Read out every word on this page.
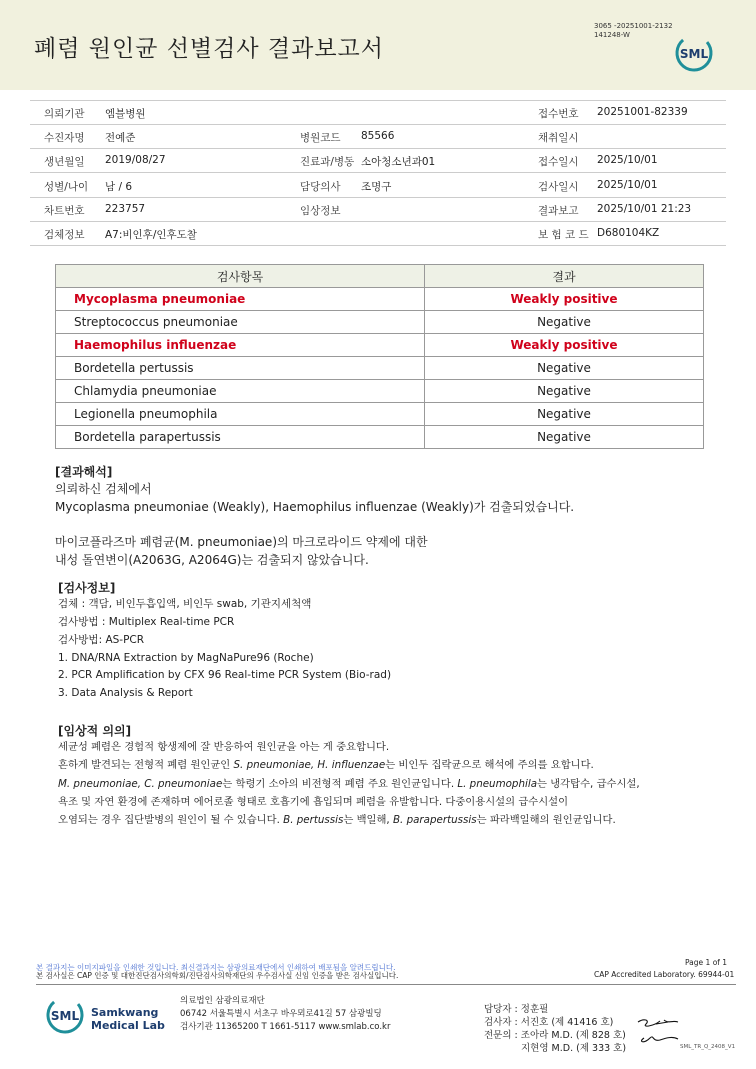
폐렴 원인균 선별검사 결과보고서
3065 -20251001-2132
141248-W
SML
의뢰기관 엠블병원	접수번호 20251001-82339
수진자명 전예준	병원코드 85566	채취일시
생년월일 2019/08/27	진료과/병동 소아청소년과01	접수일시 2025/10/01
성별/나이 남 / 6	담당의사 조명구	검사일시 2025/10/01
차트번호 223757	임상정보	결과보고 2025/10/01 21:23
검체정보 A7:비인후/인후도찰	보 험 코 드 D680104KZ
검사항목	결과
Mycoplasma pneumoniae	Weakly positive
Streptococcus pneumoniae	Negative
Haemophilus influenzae	Weakly positive
Bordetella pertussis	Negative
Chlamydia pneumoniae	Negative
Legionella pneumophila	Negative
Bordetella parapertussis	Negative
[결과해석]
의뢰하신 검체에서
Mycoplasma pneumoniae (Weakly), Haemophilus influenzae (Weakly)가 검출되었습니다.
마이코플라즈마 폐렴균(M. pneumoniae)의 마크로라이드 약제에 대한
내성 돌연변이(A2063G, A2064G)는 검출되지 않았습니다.
[검사정보]
검체 : 객담, 비인두흡입액, 비인두 swab, 기관지세척액
검사방법 : Multiplex Real-time PCR
검사방법: AS-PCR
1. DNA/RNA Extraction by MagNaPure96 (Roche)
2. PCR Amplification by CFX 96 Real-time PCR System (Bio-rad)
3. Data Analysis & Report
[임상적 의의]
세균성 폐렴은 경험적 항생제에 잘 반응하여 원인균을 아는 게 중요합니다.
흔하게 발견되는 전형적 폐렴 원인균인 S. pneumoniae, H. influenzae는 비인두 집락균으로 해석에 주의를 요합니다.
M. pneumoniae, C. pneumoniae는 학령기 소아의 비전형적 폐렴 주요 원인균입니다. L. pneumophila는 냉각탑수, 급수시설,
욕조 및 자연 환경에 존재하며 에어로졸 형태로 호흡기에 흡입되며 폐렴을 유발합니다. 다중이용시설의 급수시설이
오염되는 경우 집단발병의 원인이 될 수 있습니다. B. pertussis는 백일해, B. parapertussis는 파라백일해의 원인균입니다.
Page 1 of 1
본 결과지는 이미지파일을 인쇄한 것입니다. 최신결과지는 삼광의료재단에서 인쇄하여 배포됨을 알려드립니다.
본 검사실은 CAP 인증 및 대한진단검사의학회/진단검사의학재단의 우수검사실 신임 인증을 받은 검사실입니다.	CAP Accredited Laboratory. 69944-01
SML Samkwang
Medical Lab
의료법인 삼광의료재단
06742 서울특별시 서초구 바우뫼로41길 57 삼광빌딩
검사기관 11365200 T 1661-5117 www.smlab.co.kr
담당자 : 정훈필
검사자 : 서진호 (제 41416 호)
전문의 : 조아라 M.D. (제 828 호)
지현영 M.D. (제 333 호)	SML_TR_Q_2408_V1
